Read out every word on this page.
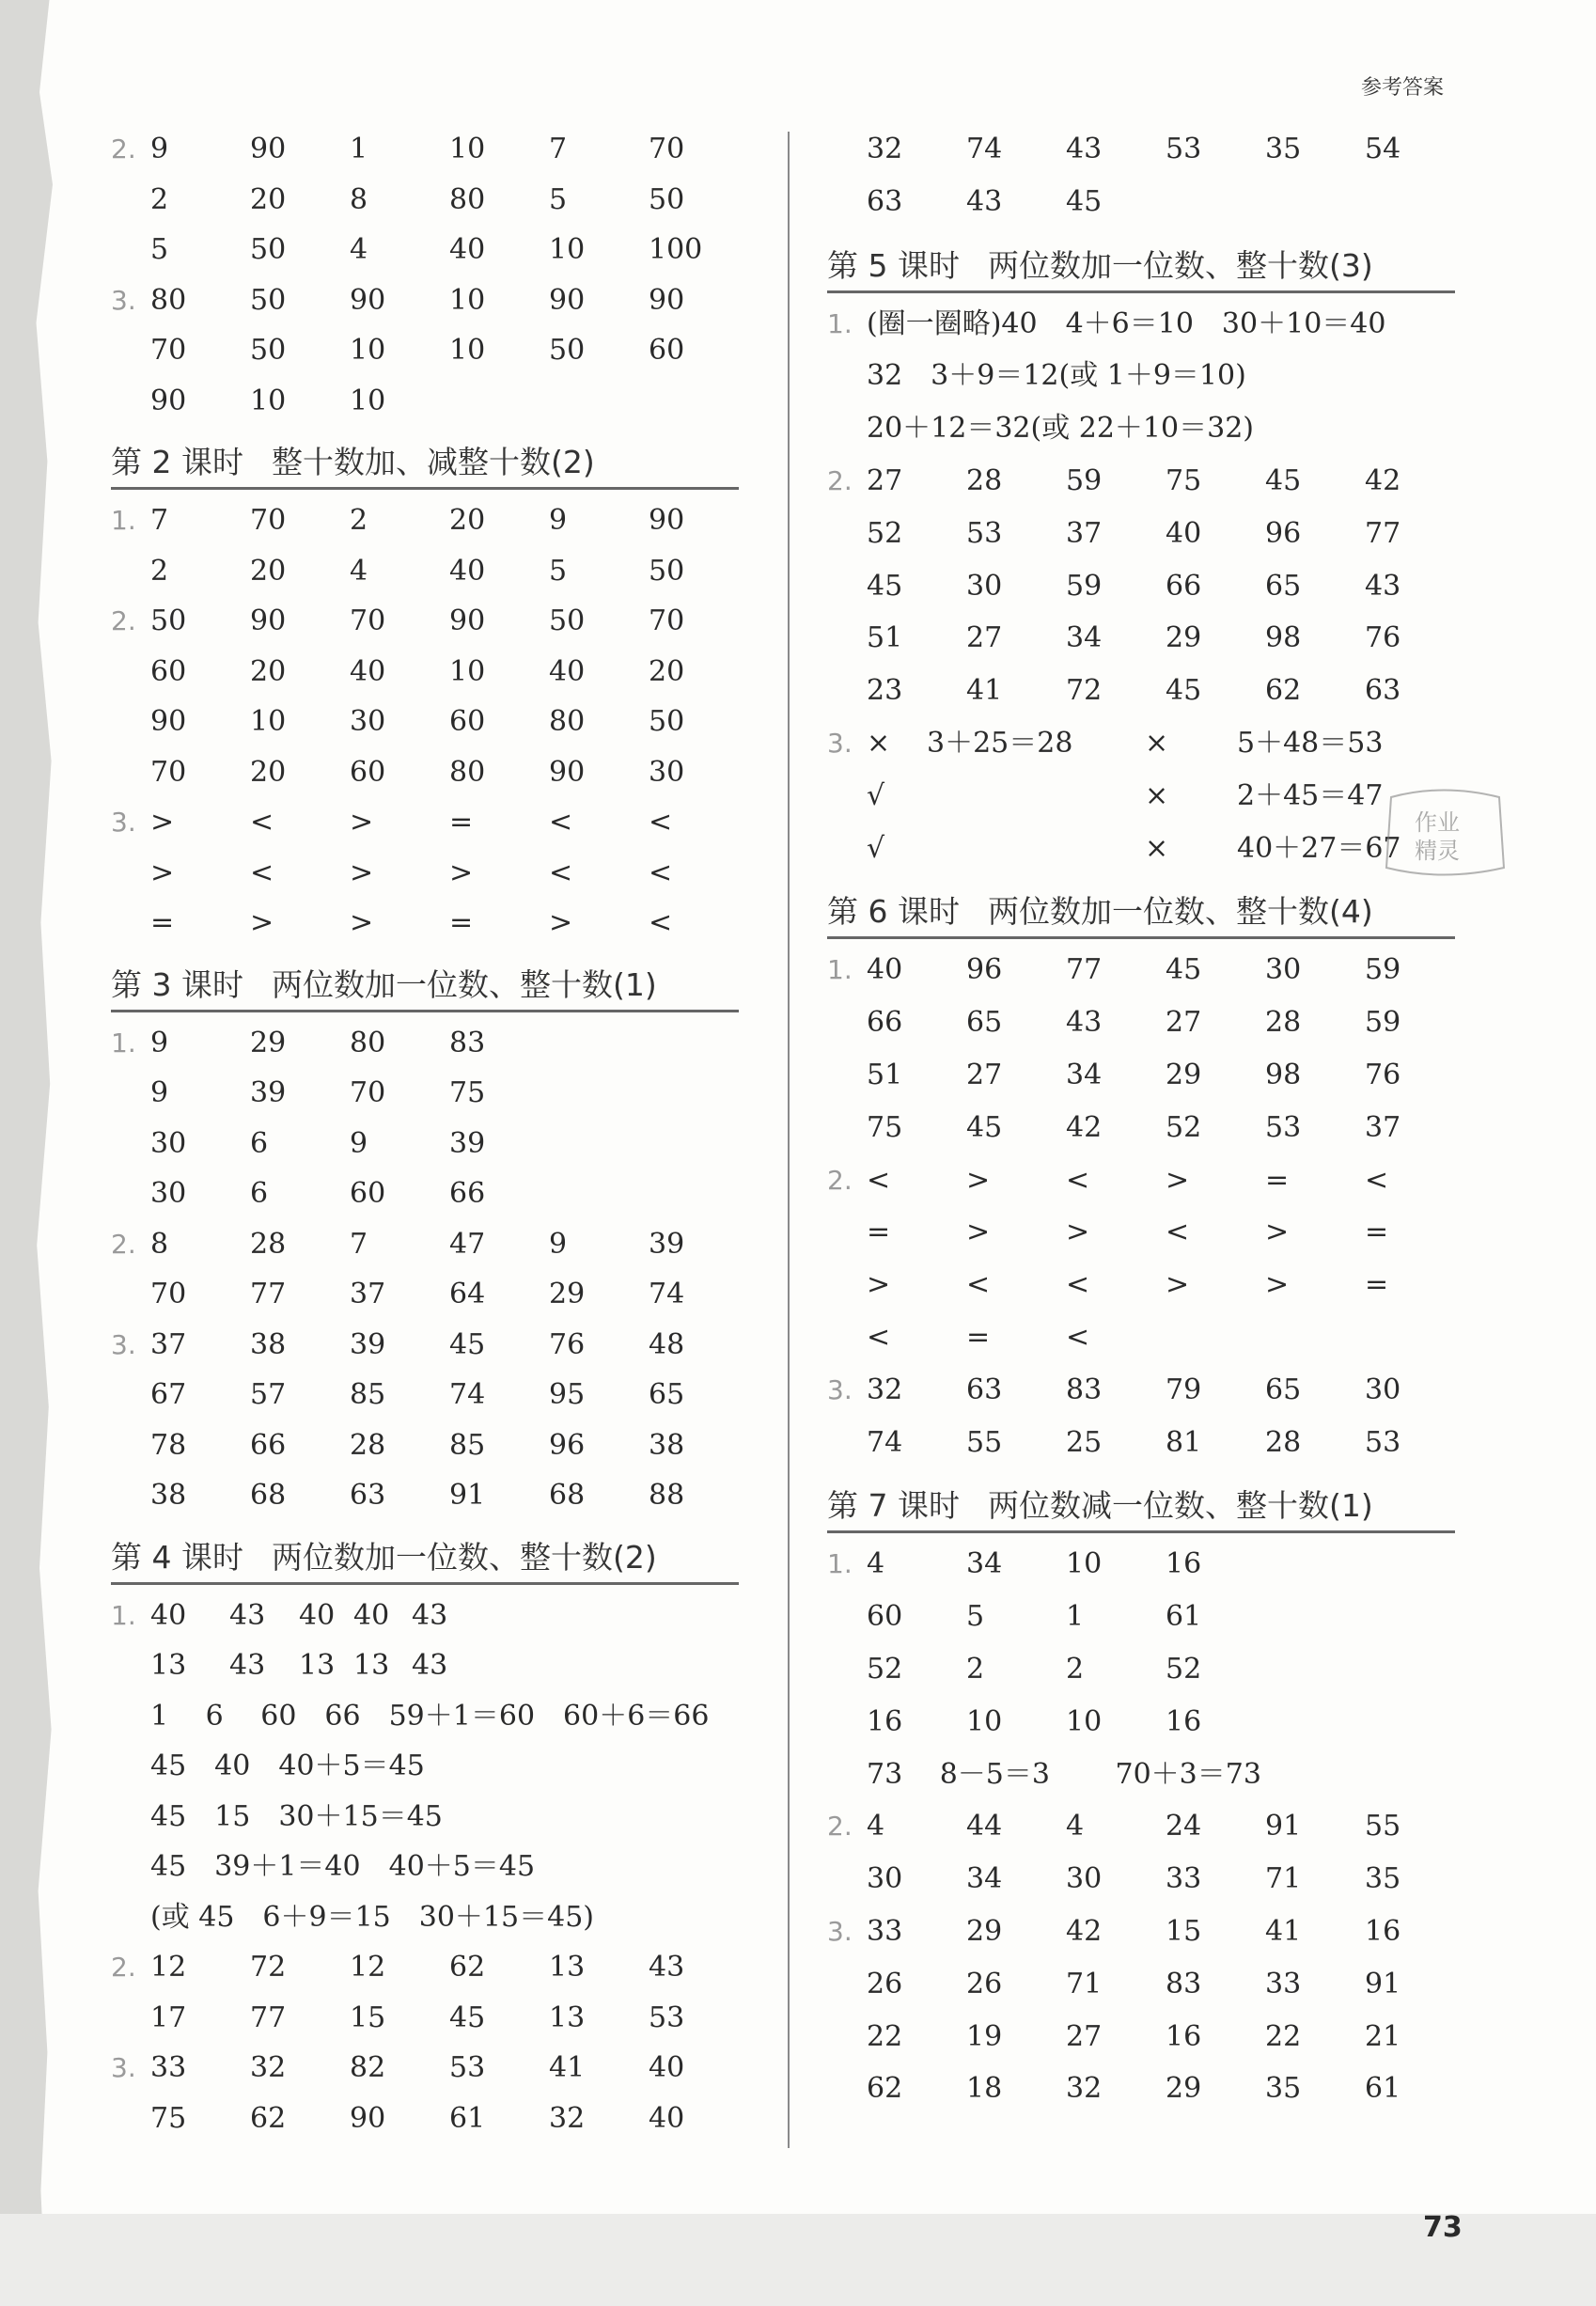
参考答案
2. 9	90 1	10 7	70
2	20 8	80 5	50
5	50 4	40 10 100
3. 80 50 90 10 90 90
70 50 10 10 50 60
90 10 10
第 2 课时 整十数加、减整十数(2)
1. 7	70 2	20 9	90
2	20 4	40 5	50
2. 50 90 70 90 50 70
60 20 40 10 40 20
90 10 30 60 80 50
70 20 60 80 90 30
3. >	<	>	=	<	<
>	<	>	>	<	<
=	>	>	=	>	<
第 3 课时 两位数加一位数、整十数(1)
1. 9	29 80 83
9	39 70 75
30 6	9	39
30 6	60 66
2. 8	28 7	47 9	39
70 77 37 64 29 74
3. 37 38 39 45 76 48
67 57 85 74 95 65
78 66 28 85 96 38
38 68 63 91 68 88
第 4 课时 两位数加一位数、整十数(2)
1. 40 43 40 40 43
13 43 13 13 43
1　 6　 60　66　59＋1＝60　60＋6＝66
45　40　40＋5＝45
45　15　30＋15＝45
45　39＋1＝40　40＋5＝45
(或 45　6＋9＝15　30＋15＝45)
2. 12 72 12 62 13 43
17 77 15 45 13 53
3. 33 32 82 53 41 40
75 62 90 61 32 40
32 74 43 53 35 54
63 43 45
第 5 课时 两位数加一位数、整十数(3)
1. (圈一圈略)40　4＋6＝10　30＋10＝40
32　3＋9＝12(或 1＋9＝10)
20＋12＝32(或 22＋10＝32)
2. 27 28 59 75 45 42
52 53 37 40 96 77
45 30 59 66 65 43
51 27 34 29 98 76
23 41 72 45 62 63
3. × 3＋25＝28	× 5＋48＝53
√	× 2＋45＝47
√	× 40＋27＝67
第 6 课时 两位数加一位数、整十数(4)
1. 40 96 77 45 30 59
66 65 43 27 28 59
51 27 34 29 98 76
75 45 42 52 53 37
2. <	>	<	>	=	<
=	>	>	<	>	=
>	<	<	>	>	=
<	=	<
3. 32 63 83 79 65 30
74 55 25 81 28 53
第 7 课时 两位数减一位数、整十数(1)
1. 4	34 10 16
60 5	1	61
52 2	2	52
16 10 10 16
73　 8－5＝3　　 70＋3＝73
2. 4	44 4	24 91 55
30 34 30 33 71 35
3. 33 29 42 15 41 16
26 26 71 83 33 91
22 19 27 16 22 21
62 18 32 29 35 61
作业
精灵
73
